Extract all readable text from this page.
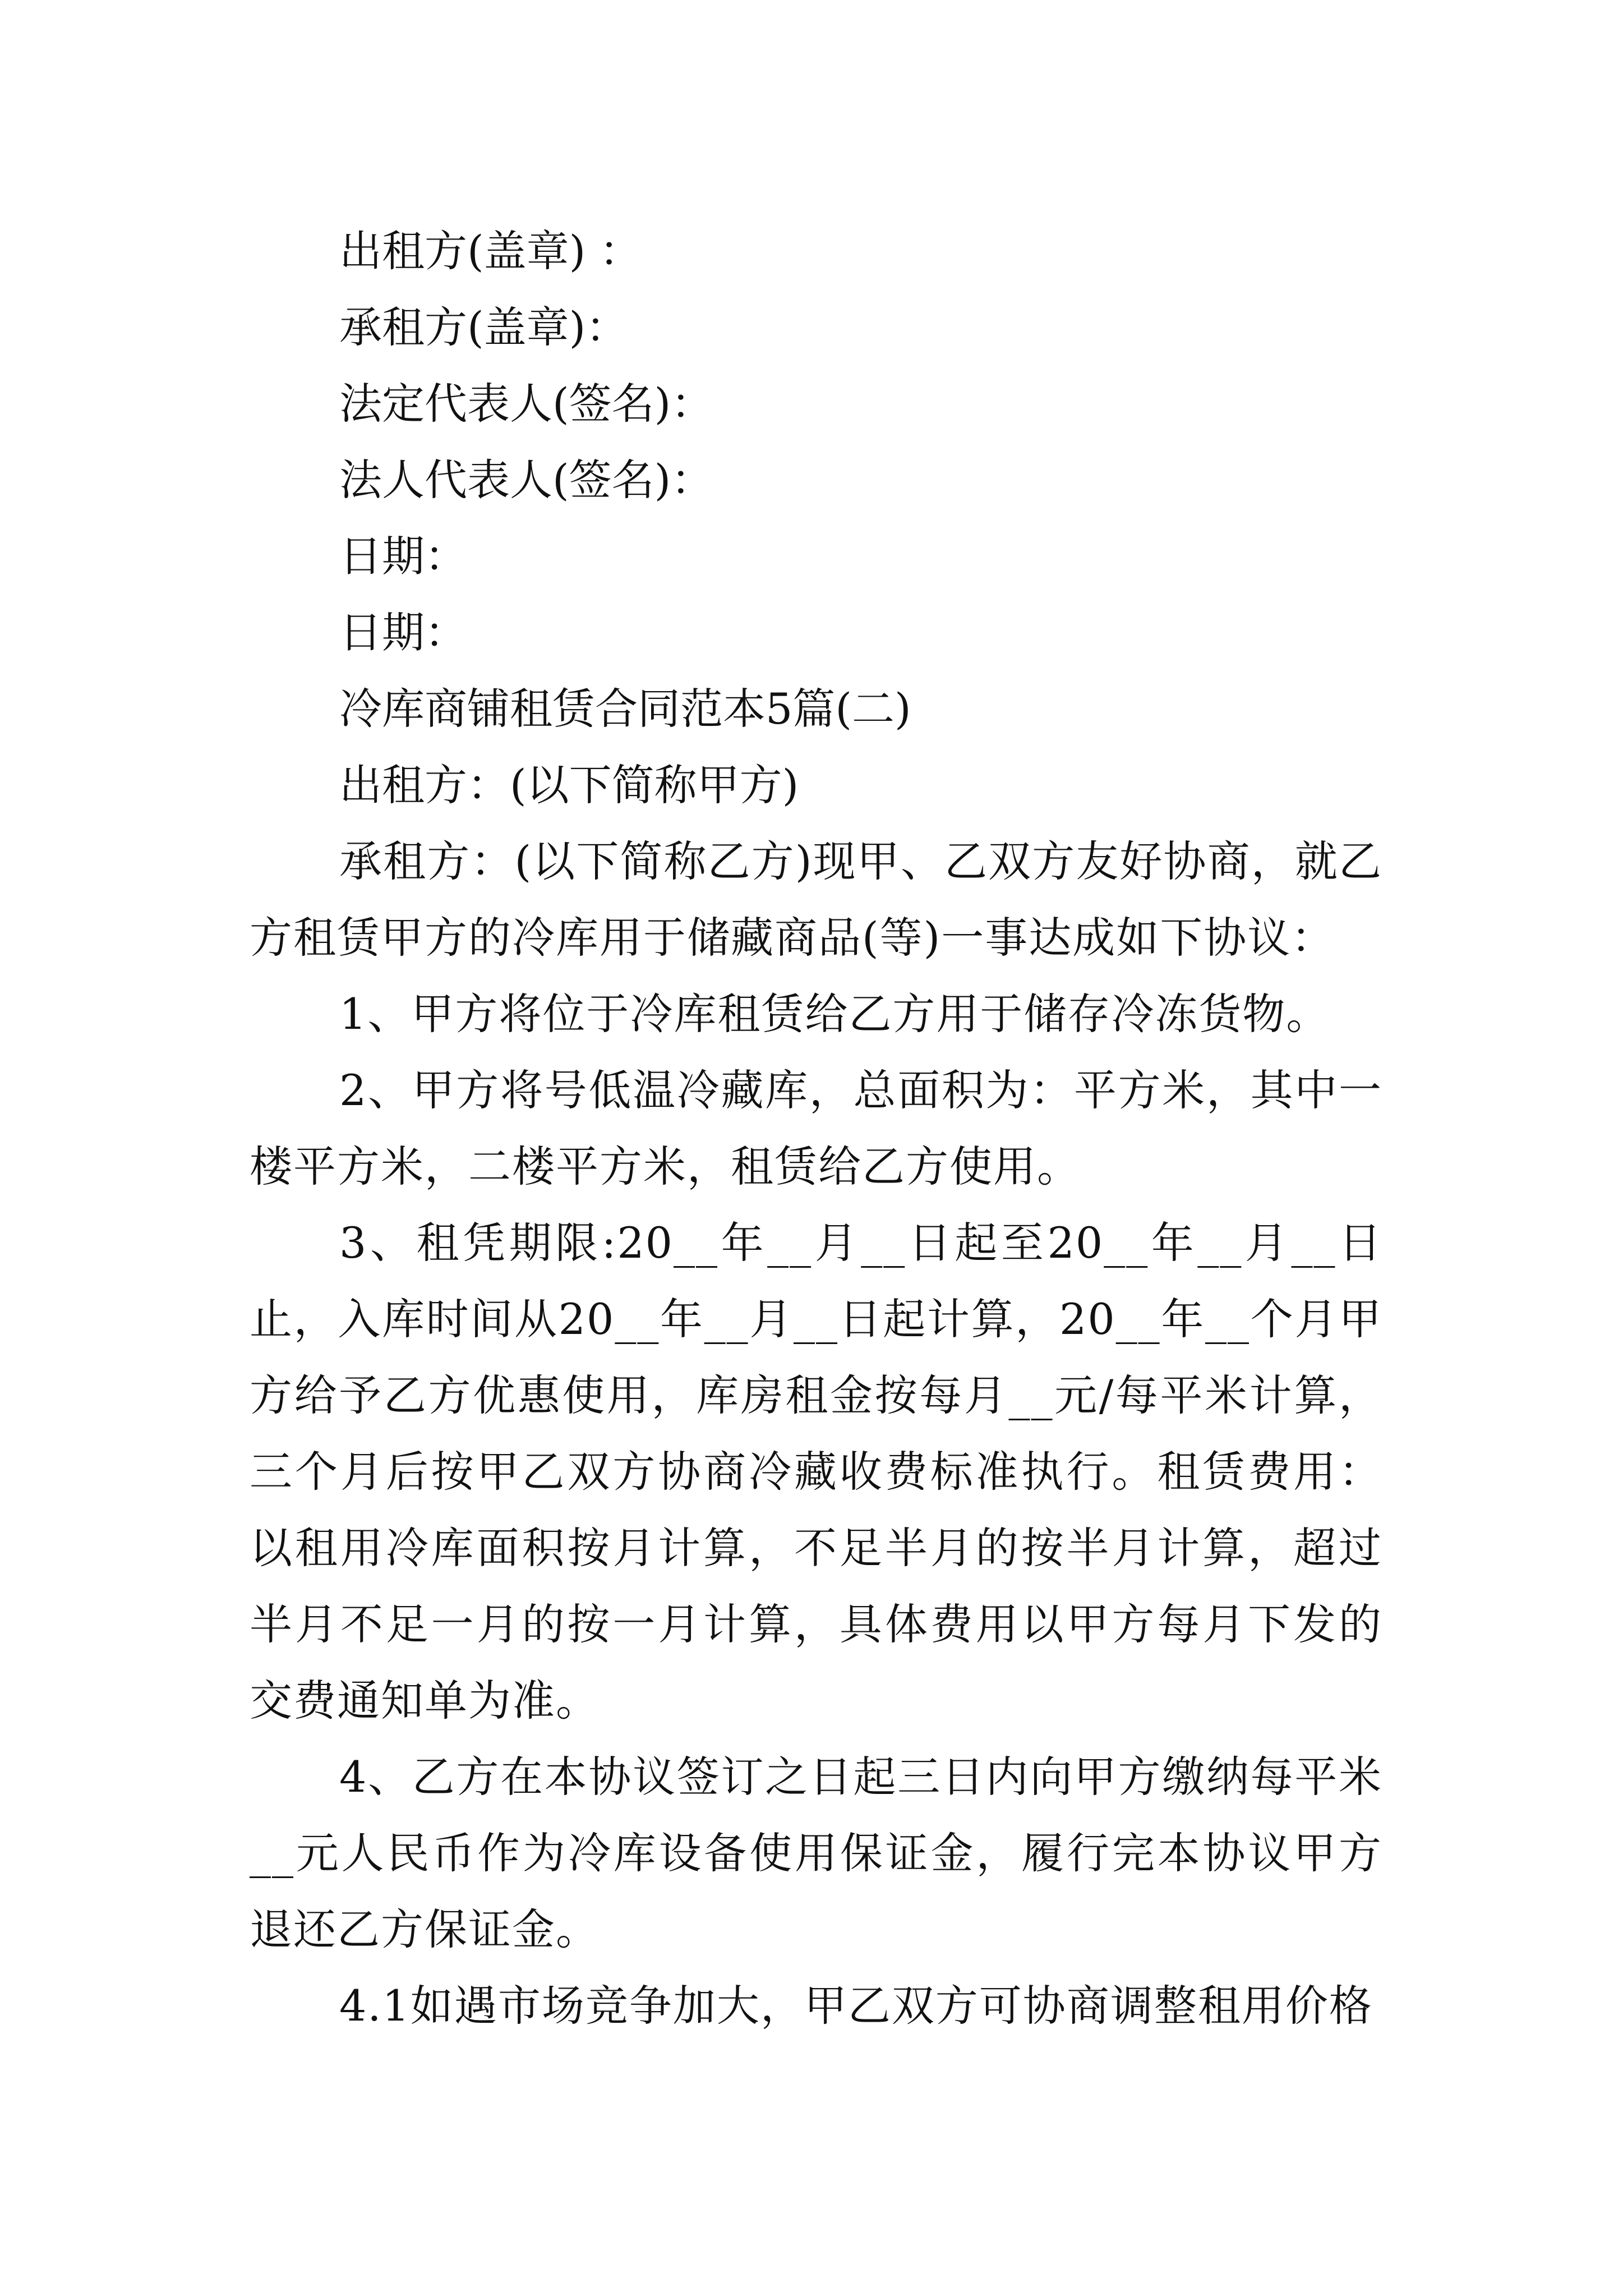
出租方(盖章) ：

承租方(盖章)：

法定代表人(签名)：

法人代表人(签名)：

日期：

日期：

冷库商铺租赁合同范本5篇(二)

出租方：(以下简称甲方)

承租方：(以下简称乙方)现甲、乙双方友好协商，就乙方租赁甲方的冷库用于储藏商品(等)一事达成如下协议：

1、甲方将位于冷库租赁给乙方用于储存冷冻货物。

2、甲方将号低温冷藏库，总面积为：平方米，其中一楼平方米，二楼平方米，租赁给乙方使用。

3、租凭期限:20__年__月__日起至20__年__月__日止，入库时间从20__年__月__日起计算，20__年__个月甲方给予乙方优惠使用，库房租金按每月__元/每平米计算，三个月后按甲乙双方协商冷藏收费标准执行。租赁费用：以租用冷库面积按月计算，不足半月的按半月计算，超过半月不足一月的按一月计算，具体费用以甲方每月下发的交费通知单为准。

4、乙方在本协议签订之日起三日内向甲方缴纳每平米__元人民币作为冷库设备使用保证金，履行完本协议甲方退还乙方保证金。

4.1如遇市场竞争加大，甲乙双方可协商调整租用价格
